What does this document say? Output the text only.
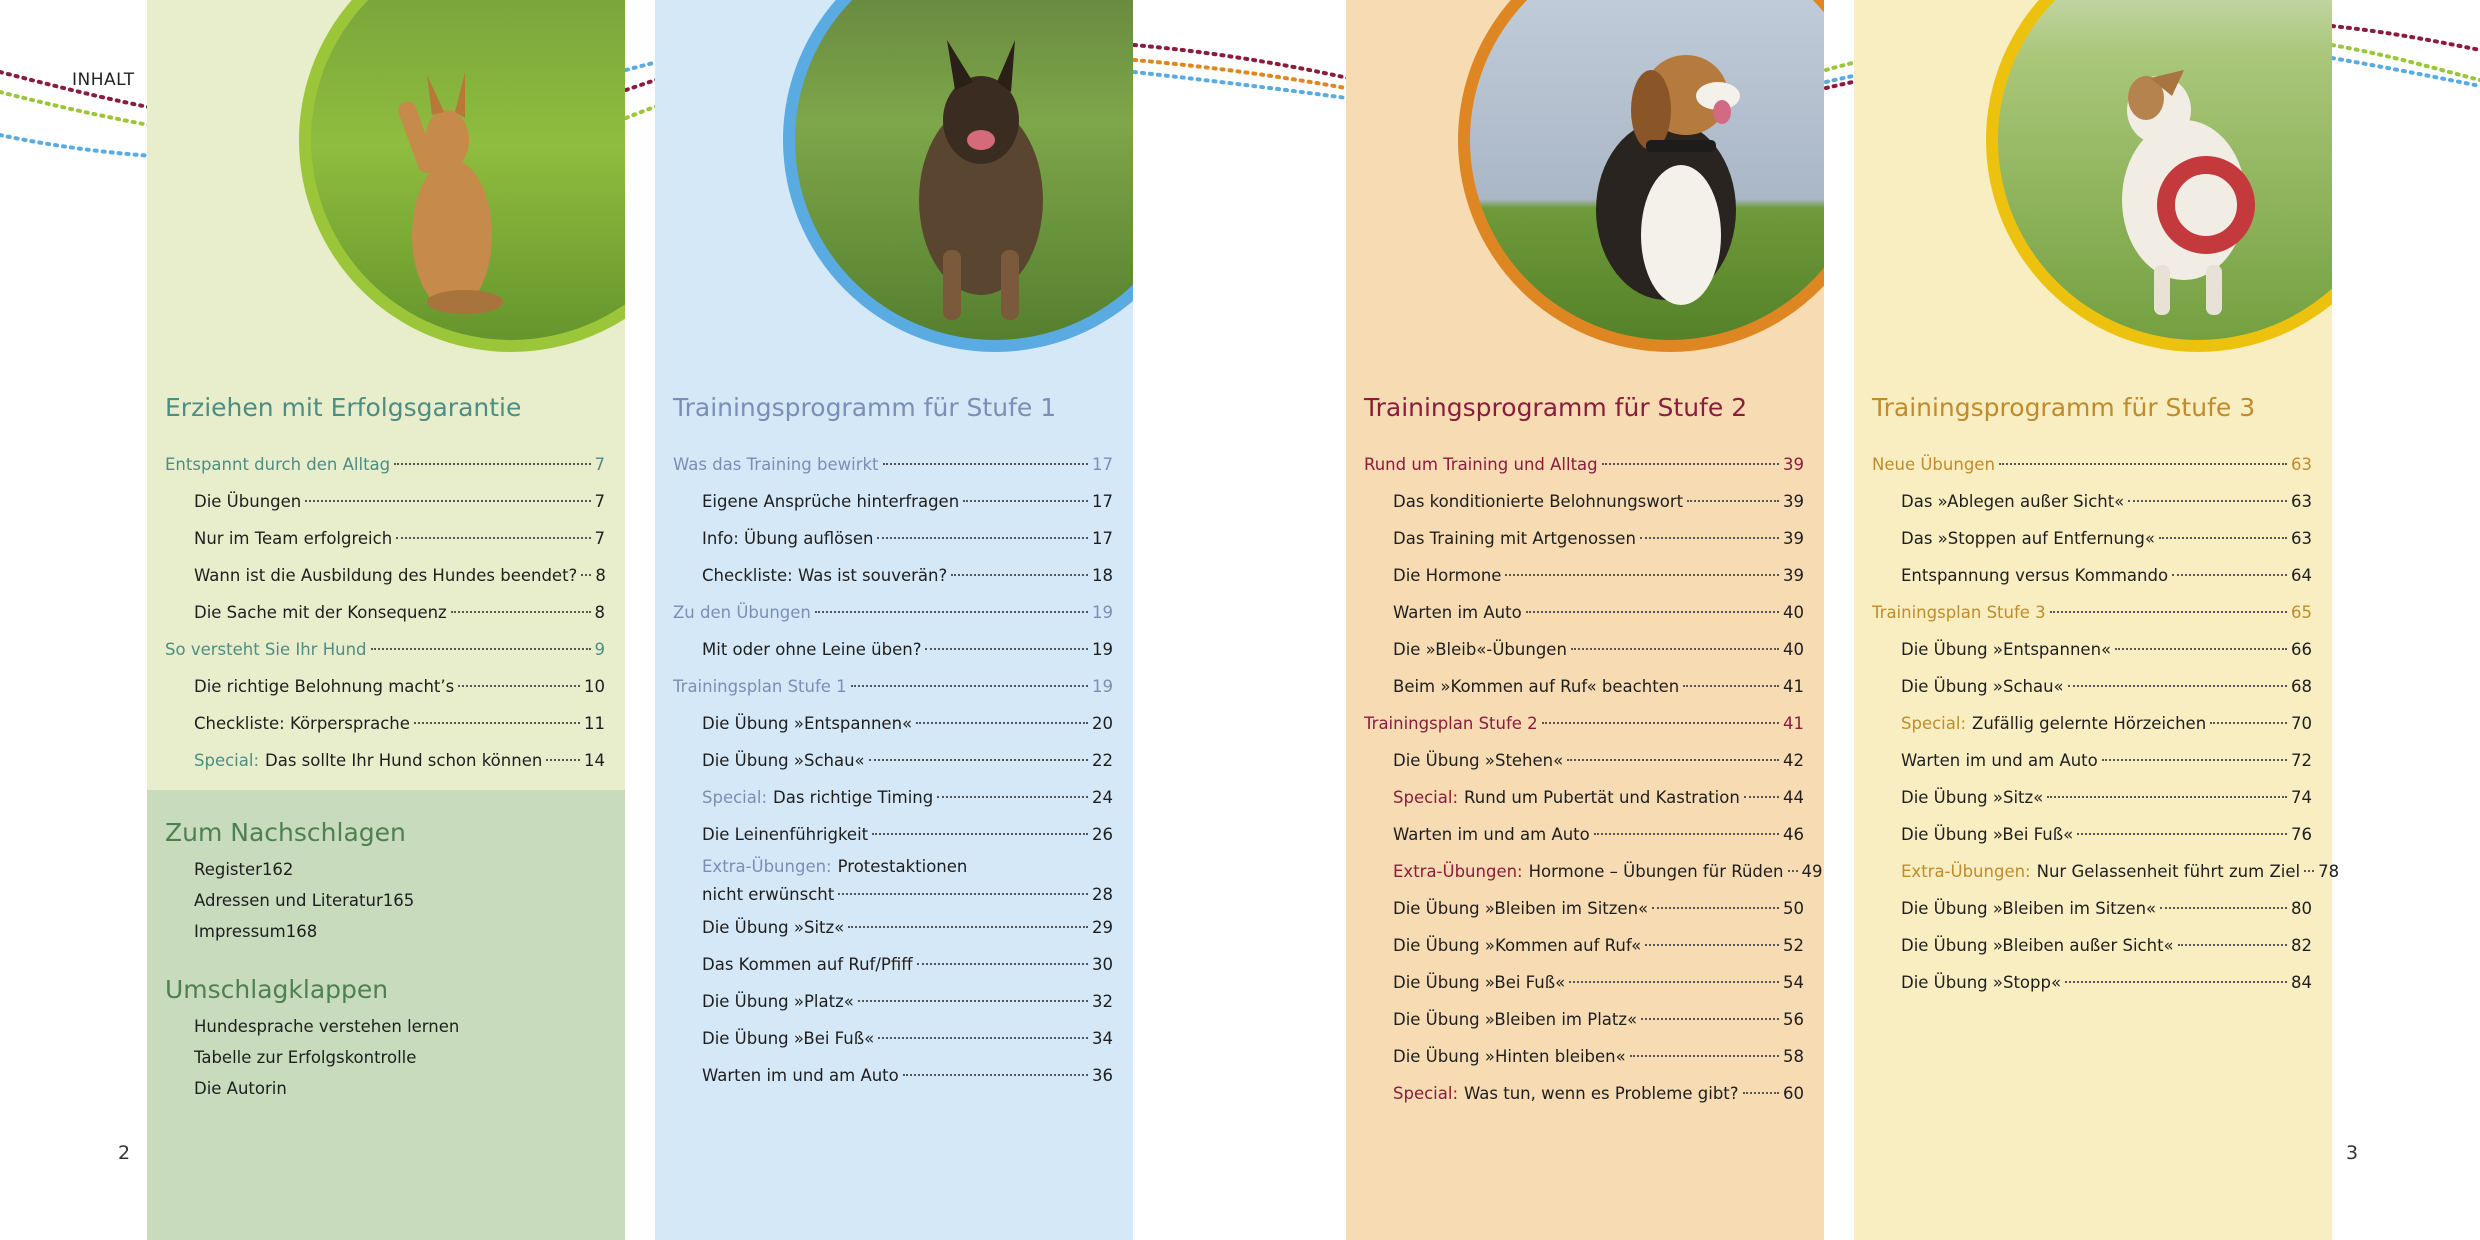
INHALT
Erziehen mit Erfolgsgarantie
Entspannt durch den Alltag	7
Die Übungen	7
Nur im Team erfolgreich	7
Wann ist die Ausbildung des Hundes beendet? 8
Die Sache mit der Konsequenz	8
So versteht Sie Ihr Hund	9
Die richtige Belohnung macht’s	10
Checkliste: Körpersprache	11
Special: Das sollte Ihr Hund schon können	14
Zum Nachschlagen
Register 162
Adressen und Literatur 165
Impressum 168
Umschlagklappen
Hundesprache verstehen lernen
Tabelle zur Erfolgskontrolle
Die Autorin
Trainingsprogramm für Stufe 1
Was das Training bewirkt	17
Eigene Ansprüche hinterfragen	17
Info: Übung auflösen	17
Checkliste: Was ist souverän?	18
Zu den Übungen	19
Mit oder ohne Leine üben?	19
Trainingsplan Stufe 1	19
Die Übung »Entspannen«	20
Die Übung »Schau«	22
Special: Das richtige Timing	24
Die Leinenführigkeit	26
Extra-Übungen: Protestaktionen
nicht erwünscht	28
Die Übung »Sitz«	29
Das Kommen auf Ruf/Pfiff	30
Die Übung »Platz«	32
Die Übung »Bei Fuß«	34
Warten im und am Auto	36
Trainingsprogramm für Stufe 2
Rund um Training und Alltag	39
Das konditionierte Belohnungswort	39
Das Training mit Artgenossen	39
Die Hormone	39
Warten im Auto	40
Die »Bleib«-Übungen	40
Beim »Kommen auf Ruf« beachten	41
Trainingsplan Stufe 2	41
Die Übung »Stehen«	42
Special: Rund um Pubertät und Kastration	44
Warten im und am Auto	46
Extra-Übungen: Hormone – Übungen für Rüden 49
Die Übung »Bleiben im Sitzen«	50
Die Übung »Kommen auf Ruf«	52
Die Übung »Bei Fuß«	54
Die Übung »Bleiben im Platz«	56
Die Übung »Hinten bleiben«	58
Special: Was tun, wenn es Probleme gibt?	60
Trainingsprogramm für Stufe 3
Neue Übungen	63
Das »Ablegen außer Sicht«	63
Das »Stoppen auf Entfernung«	63
Entspannung versus Kommando	64
Trainingsplan Stufe 3	65
Die Übung »Entspannen«	66
Die Übung »Schau«	68
Special: Zufällig gelernte Hörzeichen	70
Warten im und am Auto	72
Die Übung »Sitz«	74
Die Übung »Bei Fuß«	76
Extra-Übungen: Nur Gelassenheit führt zum Ziel 78
Die Übung »Bleiben im Sitzen«	80
Die Übung »Bleiben außer Sicht«	82
Die Übung »Stopp«	84
2	3
